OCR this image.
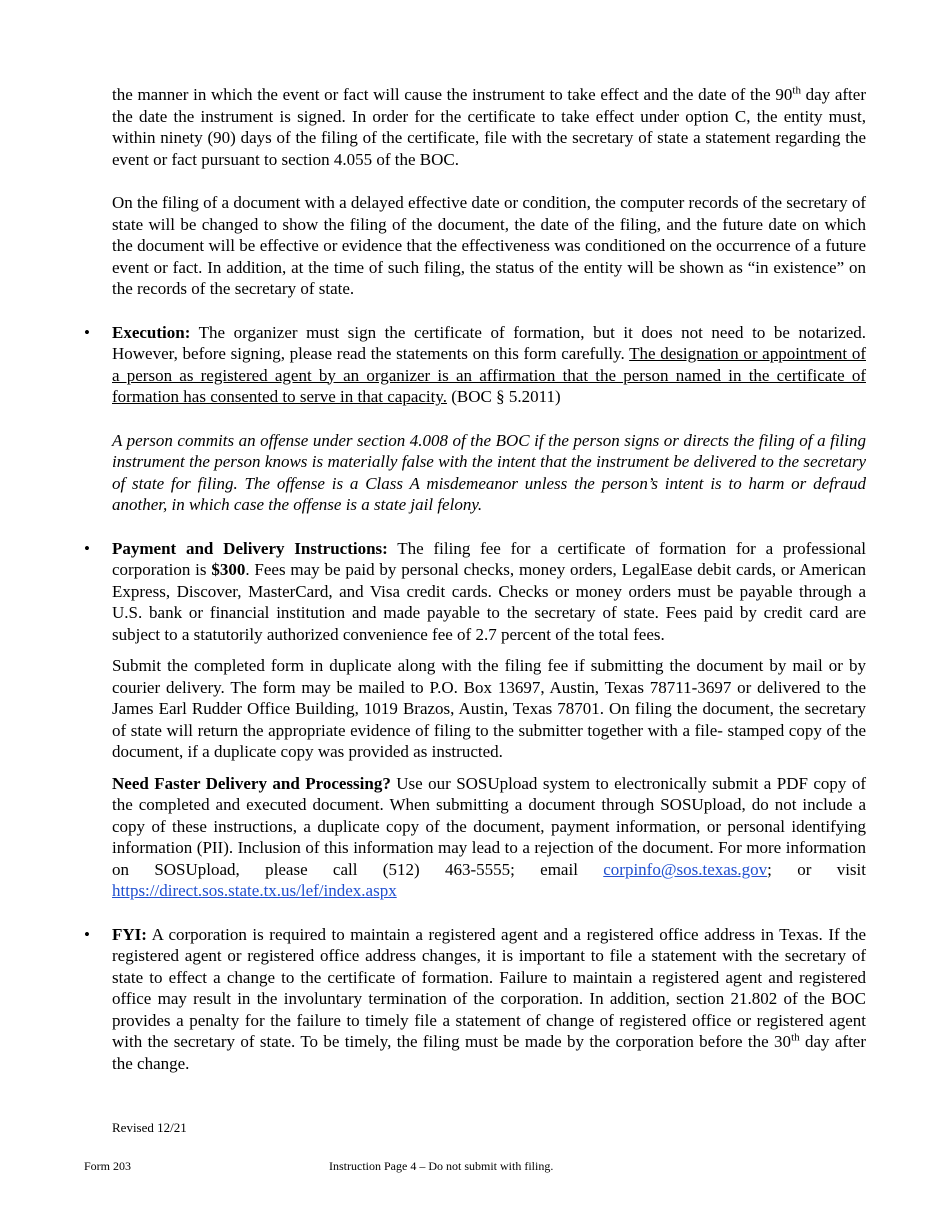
the manner in which the event or fact will cause the instrument to take effect and the date of the 90th day after the date the instrument is signed. In order for the certificate to take effect under option C, the entity must, within ninety (90) days of the filing of the certificate, file with the secretary of state a statement regarding the event or fact pursuant to section 4.055 of the BOC.

On the filing of a document with a delayed effective date or condition, the computer records of the secretary of state will be changed to show the filing of the document, the date of the filing, and the future date on which the document will be effective or evidence that the effectiveness was conditioned on the occurrence of a future event or fact. In addition, at the time of such filing, the status of the entity will be shown as “in existence” on the records of the secretary of state.

• Execution: The organizer must sign the certificate of formation, but it does not need to be notarized. However, before signing, please read the statements on this form carefully. The designation or appointment of a person as registered agent by an organizer is an affirmation that the person named in the certificate of formation has consented to serve in that capacity. (BOC § 5.2011)

A person commits an offense under section 4.008 of the BOC if the person signs or directs the filing of a filing instrument the person knows is materially false with the intent that the instrument be delivered to the secretary of state for filing. The offense is a Class A misdemeanor unless the person’s intent is to harm or defraud another, in which case the offense is a state jail felony.

• Payment and Delivery Instructions: The filing fee for a certificate of formation for a professional corporation is $300. Fees may be paid by personal checks, money orders, LegalEase debit cards, or American Express, Discover, MasterCard, and Visa credit cards. Checks or money orders must be payable through a U.S. bank or financial institution and made payable to the secretary of state. Fees paid by credit card are subject to a statutorily authorized convenience fee of 2.7 percent of the total fees.

Submit the completed form in duplicate along with the filing fee if submitting the document by mail or by courier delivery. The form may be mailed to P.O. Box 13697, Austin, Texas 78711-3697 or delivered to the James Earl Rudder Office Building, 1019 Brazos, Austin, Texas 78701. On filing the document, the secretary of state will return the appropriate evidence of filing to the submitter together with a file- stamped copy of the document, if a duplicate copy was provided as instructed.

Need Faster Delivery and Processing? Use our SOSUpload system to electronically submit a PDF copy of the completed and executed document. When submitting a document through SOSUpload, do not include a copy of these instructions, a duplicate copy of the document, payment information, or personal identifying information (PII). Inclusion of this information may lead to a rejection of the document. For more information on SOSUpload, please call (512) 463-5555; email corpinfo@sos.texas.gov; or visit https://direct.sos.state.tx.us/lef/index.aspx

• FYI: A corporation is required to maintain a registered agent and a registered office address in Texas. If the registered agent or registered office address changes, it is important to file a statement with the secretary of state to effect a change to the certificate of formation. Failure to maintain a registered agent and registered office may result in the involuntary termination of the corporation. In addition, section 21.802 of the BOC provides a penalty for the failure to timely file a statement of change of registered office or registered agent with the secretary of state. To be timely, the filing must be made by the corporation before the 30th day after the change.

Revised 12/21
Form 203	Instruction Page 4 – Do not submit with filing.
